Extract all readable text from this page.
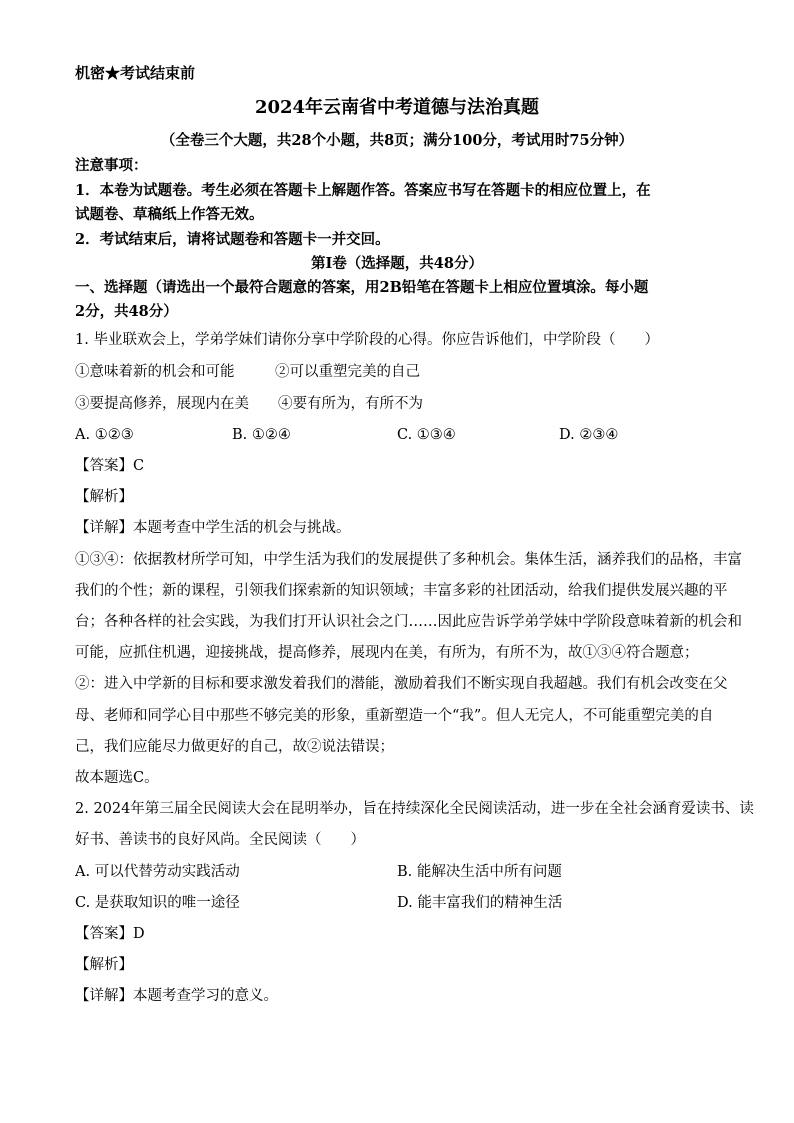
机密★考试结束前
2024年云南省中考道德与法治真题
（全卷三个大题，共28个小题，共8页；满分100分，考试用时75分钟）
注意事项：
1．本卷为试题卷。考生必须在答题卡上解题作答。答案应书写在答题卡的相应位置上，在
试题卷、草稿纸上作答无效。
2．考试结束后，请将试题卷和答题卡一并交回。
第Ⅰ卷（选择题，共48分）
一、选择题（请选出一个最符合题意的答案，用2B铅笔在答题卡上相应位置填涂。每小题
2分，共48分）
1. 毕业联欢会上，学弟学妹们请你分享中学阶段的心得。你应告诉他们，中学阶段（　　）
①意味着新的机会和可能	②可以重塑完美的自己
③要提高修养，展现内在美 ④要有所为，有所不为
A. ①②③	B. ①②④	C. ①③④	D. ②③④
【答案】C
【解析】
【详解】本题考查中学生活的机会与挑战。
①③④：依据教材所学可知，中学生活为我们的发展提供了多种机会。集体生活，涵养我们的品格，丰富
我们的个性；新的课程，引领我们探索新的知识领域；丰富多彩的社团活动，给我们提供发展兴趣的平
台；各种各样的社会实践，为我们打开认识社会之门……因此应告诉学弟学妹中学阶段意味着新的机会和
可能，应抓住机遇，迎接挑战，提高修养，展现内在美，有所为，有所不为，故①③④符合题意；
②：进入中学新的目标和要求激发着我们的潜能，激励着我们不断实现自我超越。我们有机会改变在父
母、老师和同学心目中那些不够完美的形象，重新塑造一个“我”。但人无完人，不可能重塑完美的自
己，我们应能尽力做更好的自己，故②说法错误；
故本题选C。
2. 2024年第三届全民阅读大会在昆明举办，旨在持续深化全民阅读活动，进一步在全社会涵育爱读书、读
好书、善读书的良好风尚。全民阅读（　　）
A. 可以代替劳动实践活动	B. 能解决生活中所有问题
C. 是获取知识的唯一途径	D. 能丰富我们的精神生活
【答案】D
【解析】
【详解】本题考查学习的意义。
